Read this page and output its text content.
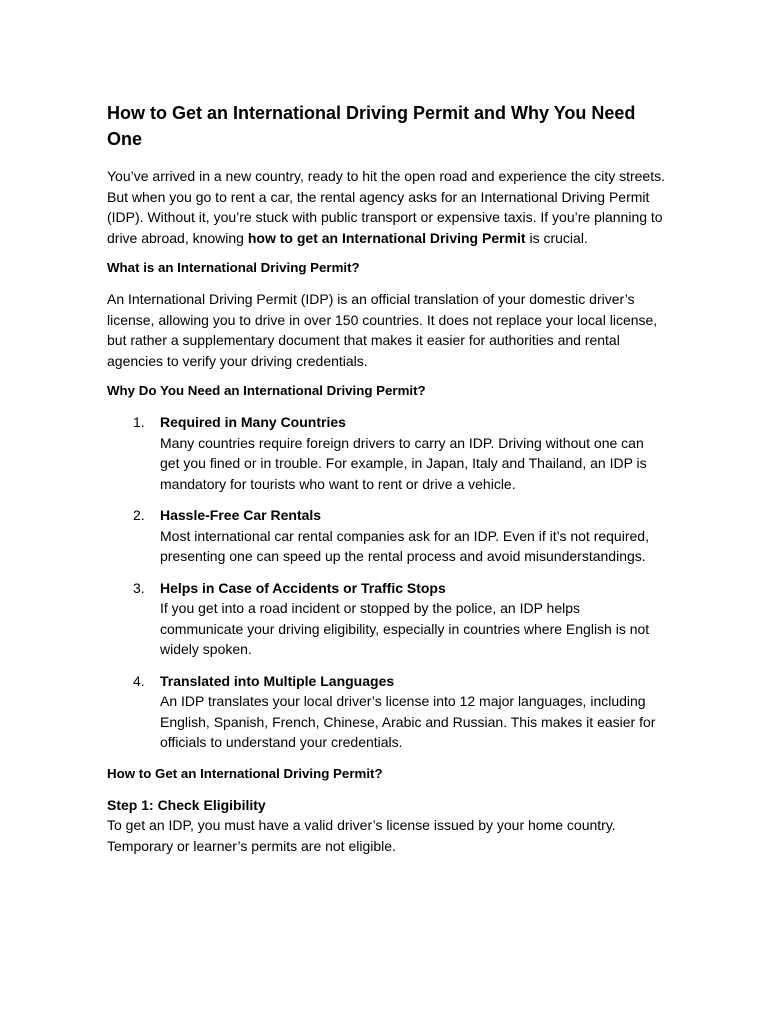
How to Get an International Driving Permit and Why You Need One

You’ve arrived in a new country, ready to hit the open road and experience the city streets. But when you go to rent a car, the rental agency asks for an International Driving Permit (IDP). Without it, you’re stuck with public transport or expensive taxis. If you’re planning to drive abroad, knowing how to get an International Driving Permit is crucial.

What is an International Driving Permit?

An International Driving Permit (IDP) is an official translation of your domestic driver’s license, allowing you to drive in over 150 countries. It does not replace your local license, but rather a supplementary document that makes it easier for authorities and rental agencies to verify your driving credentials.

Why Do You Need an International Driving Permit?
1. Required in Many Countries
Many countries require foreign drivers to carry an IDP. Driving without one can get you fined or in trouble. For example, in Japan, Italy and Thailand, an IDP is mandatory for tourists who want to rent or drive a vehicle.
2. Hassle-Free Car Rentals
Most international car rental companies ask for an IDP. Even if it’s not required, presenting one can speed up the rental process and avoid misunderstandings.
3. Helps in Case of Accidents or Traffic Stops
If you get into a road incident or stopped by the police, an IDP helps communicate your driving eligibility, especially in countries where English is not widely spoken.
4. Translated into Multiple Languages
An IDP translates your local driver’s license into 12 major languages, including English, Spanish, French, Chinese, Arabic and Russian. This makes it easier for officials to understand your credentials.
How to Get an International Driving Permit?

Step 1: Check Eligibility
To get an IDP, you must have a valid driver’s license issued by your home country. Temporary or learner’s permits are not eligible.
